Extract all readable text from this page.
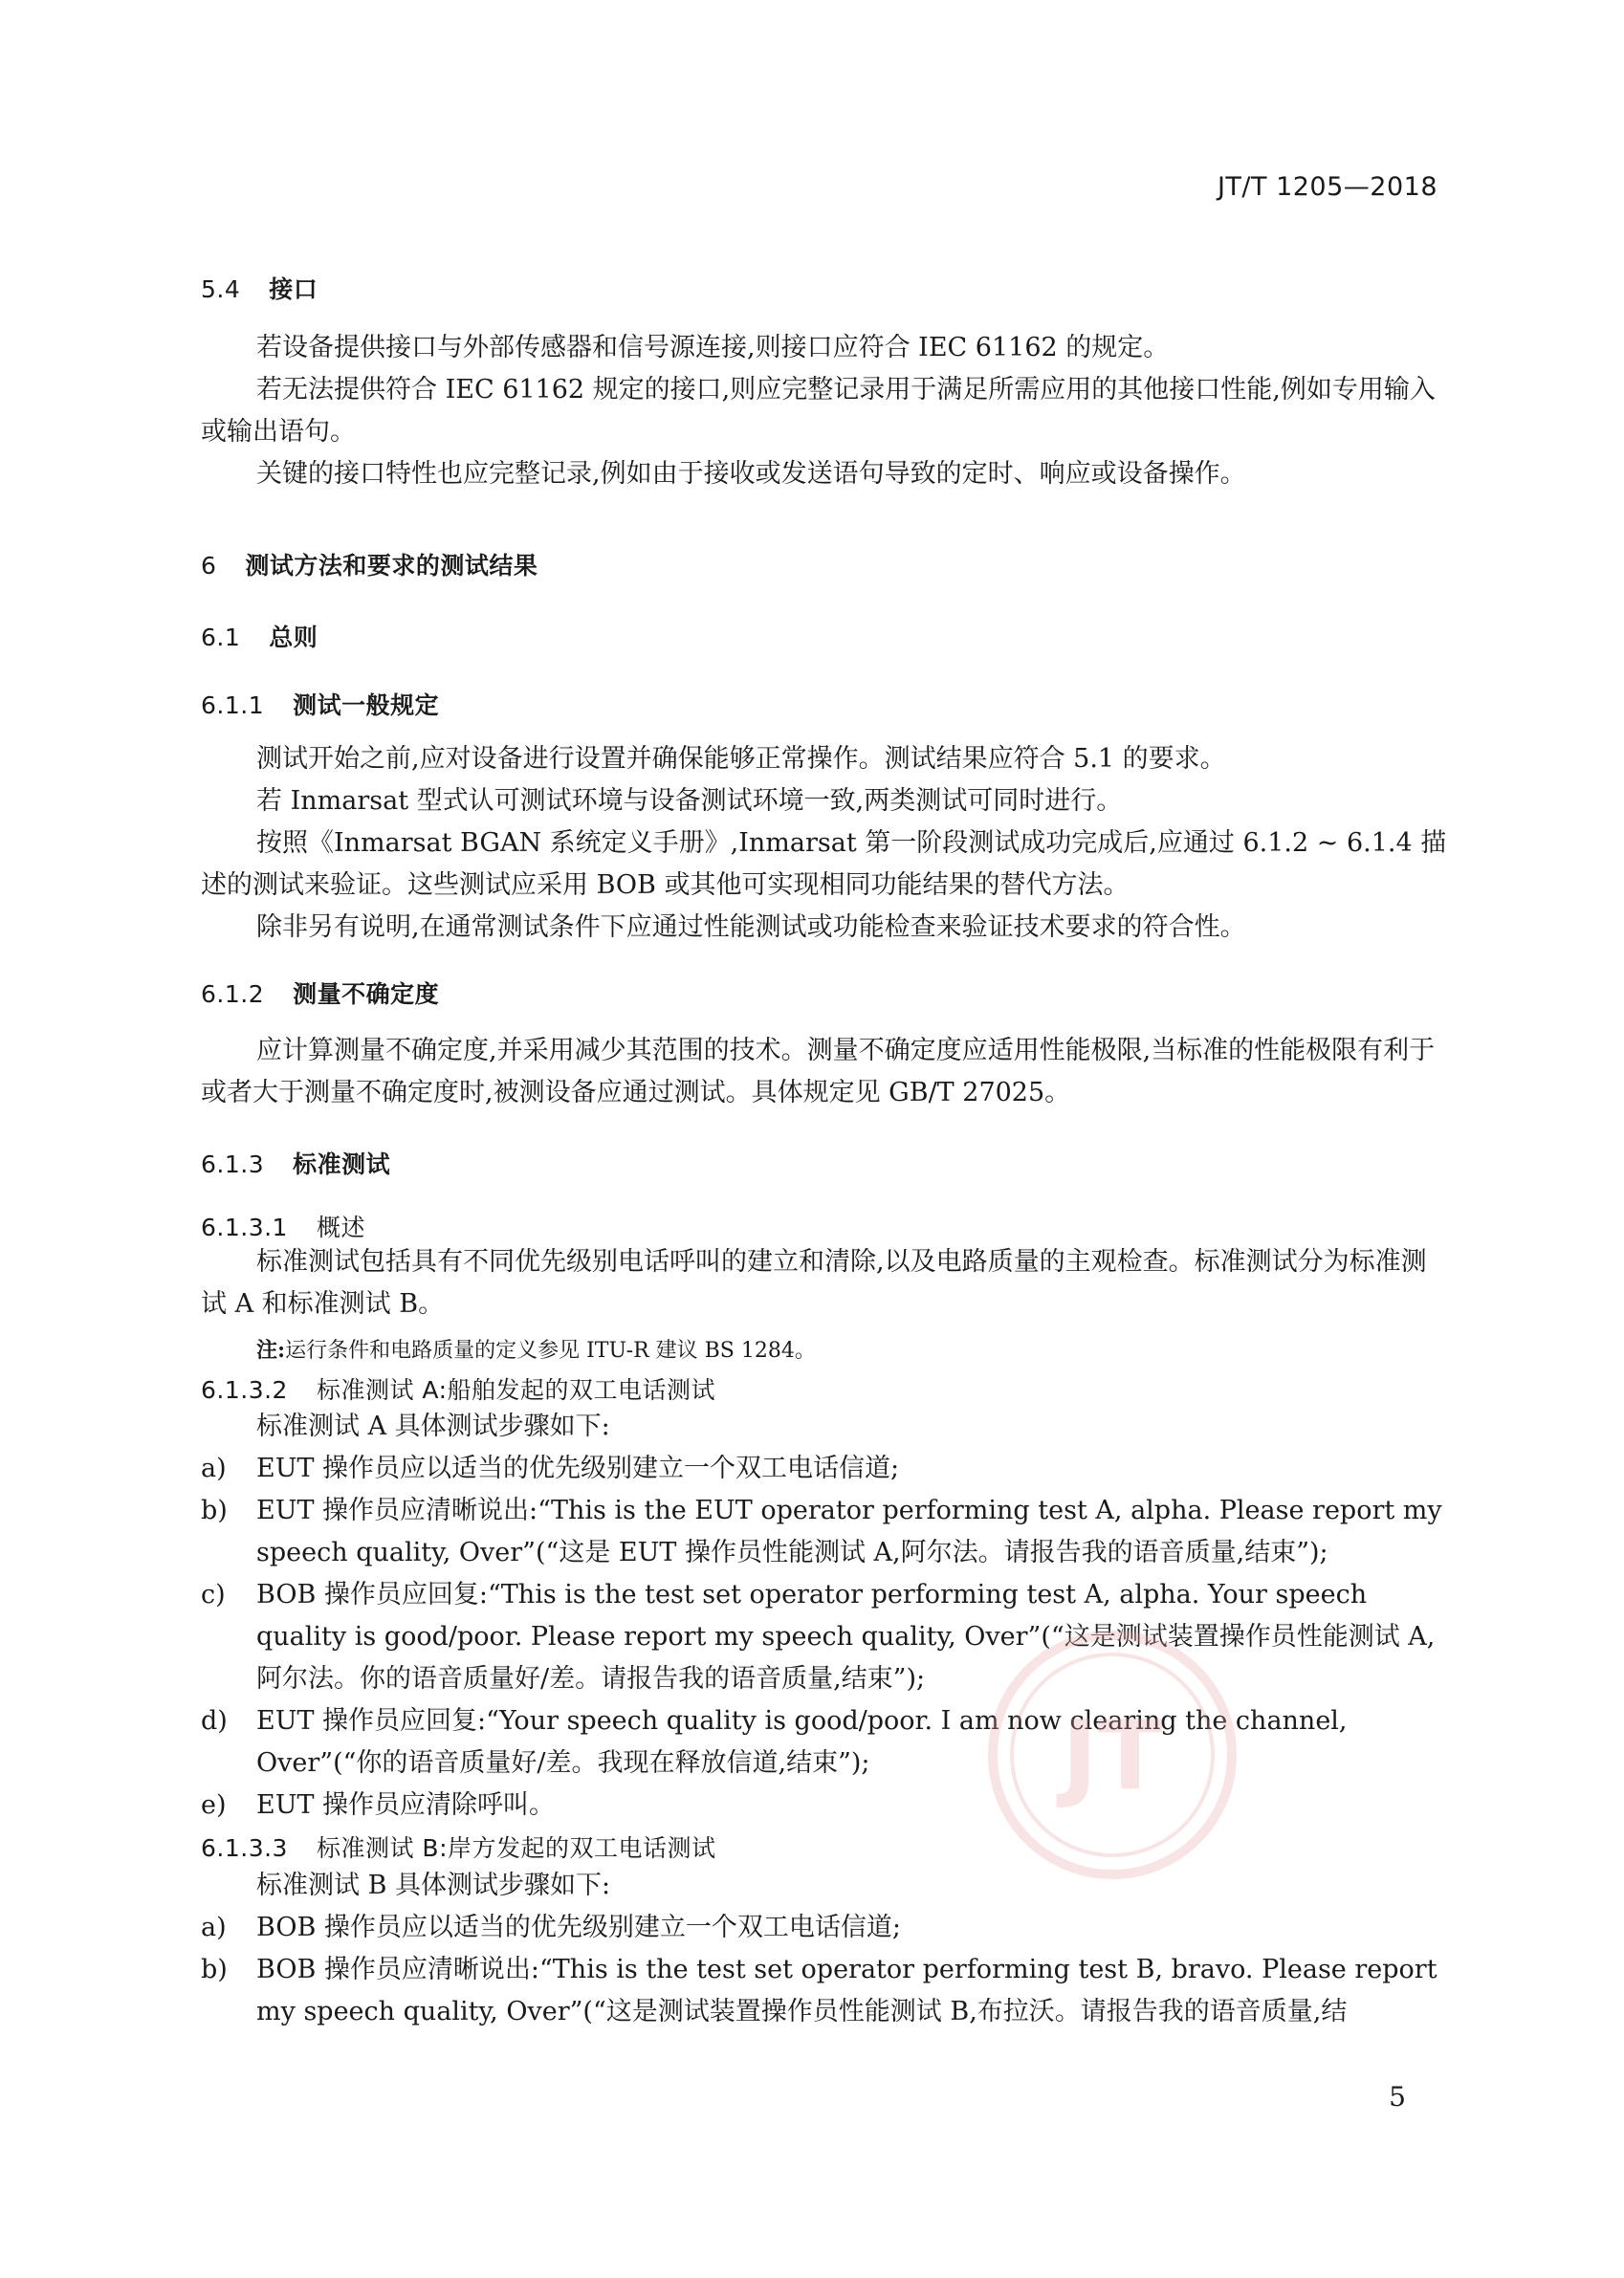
JT/T 1205—2018
5.4 接口

若设备提供接口与外部传感器和信号源连接,则接口应符合 IEC 61162 的规定。

若无法提供符合 IEC 61162 规定的接口,则应完整记录用于满足所需应用的其他接口性能,例如专用输入或输出语句。

关键的接口特性也应完整记录,例如由于接收或发送语句导致的定时、响应或设备操作。

6 测试方法和要求的测试结果
6.1 总则
6.1.1 测试一般规定

测试开始之前,应对设备进行设置并确保能够正常操作。测试结果应符合 5.1 的要求。

若 Inmarsat 型式认可测试环境与设备测试环境一致,两类测试可同时进行。

按照《Inmarsat BGAN 系统定义手册》,Inmarsat 第一阶段测试成功完成后,应通过 6.1.2 ~ 6.1.4 描述的测试来验证。这些测试应采用 BOB 或其他可实现相同功能结果的替代方法。

除非另有说明,在通常测试条件下应通过性能测试或功能检查来验证技术要求的符合性。

6.1.2 测量不确定度

应计算测量不确定度,并采用减少其范围的技术。测量不确定度应适用性能极限,当标准的性能极限有利于或者大于测量不确定度时,被测设备应通过测试。具体规定见 GB/T 27025。

6.1.3 标准测试
6.1.3.1 概述

标准测试包括具有不同优先级别电话呼叫的建立和清除,以及电路质量的主观检查。标准测试分为标准测试 A 和标准测试 B。

注:运行条件和电路质量的定义参见 ITU-R 建议 BS 1284。
6.1.3.2 标准测试 A:船舶发起的双工电话测试
标准测试 A 具体测试步骤如下:
a) EUT 操作员应以适当的优先级别建立一个双工电话信道;
b) EUT 操作员应清晰说出:“This is the EUT operator performing test A, alpha. Please report my speech quality, Over”(“这是 EUT 操作员性能测试 A,阿尔法。请报告我的语音质量,结束”);
c) BOB 操作员应回复:“This is the test set operator performing test A, alpha. Your speech quality is good/poor. Please report my speech quality, Over”(“这是测试装置操作员性能测试 A,阿尔法。你的语音质量好/差。请报告我的语音质量,结束”);
d) EUT 操作员应回复:“Your speech quality is good/poor. I am now clearing the channel, Over”(“你的语音质量好/差。我现在释放信道,结束”);
e) EUT 操作员应清除呼叫。
6.1.3.3 标准测试 B:岸方发起的双工电话测试
标准测试 B 具体测试步骤如下:
a) BOB 操作员应以适当的优先级别建立一个双工电话信道;
b) BOB 操作员应清晰说出:“This is the test set operator performing test B, bravo. Please report my speech quality, Over”(“这是测试装置操作员性能测试 B,布拉沃。请报告我的语音质量,结
5
JT
